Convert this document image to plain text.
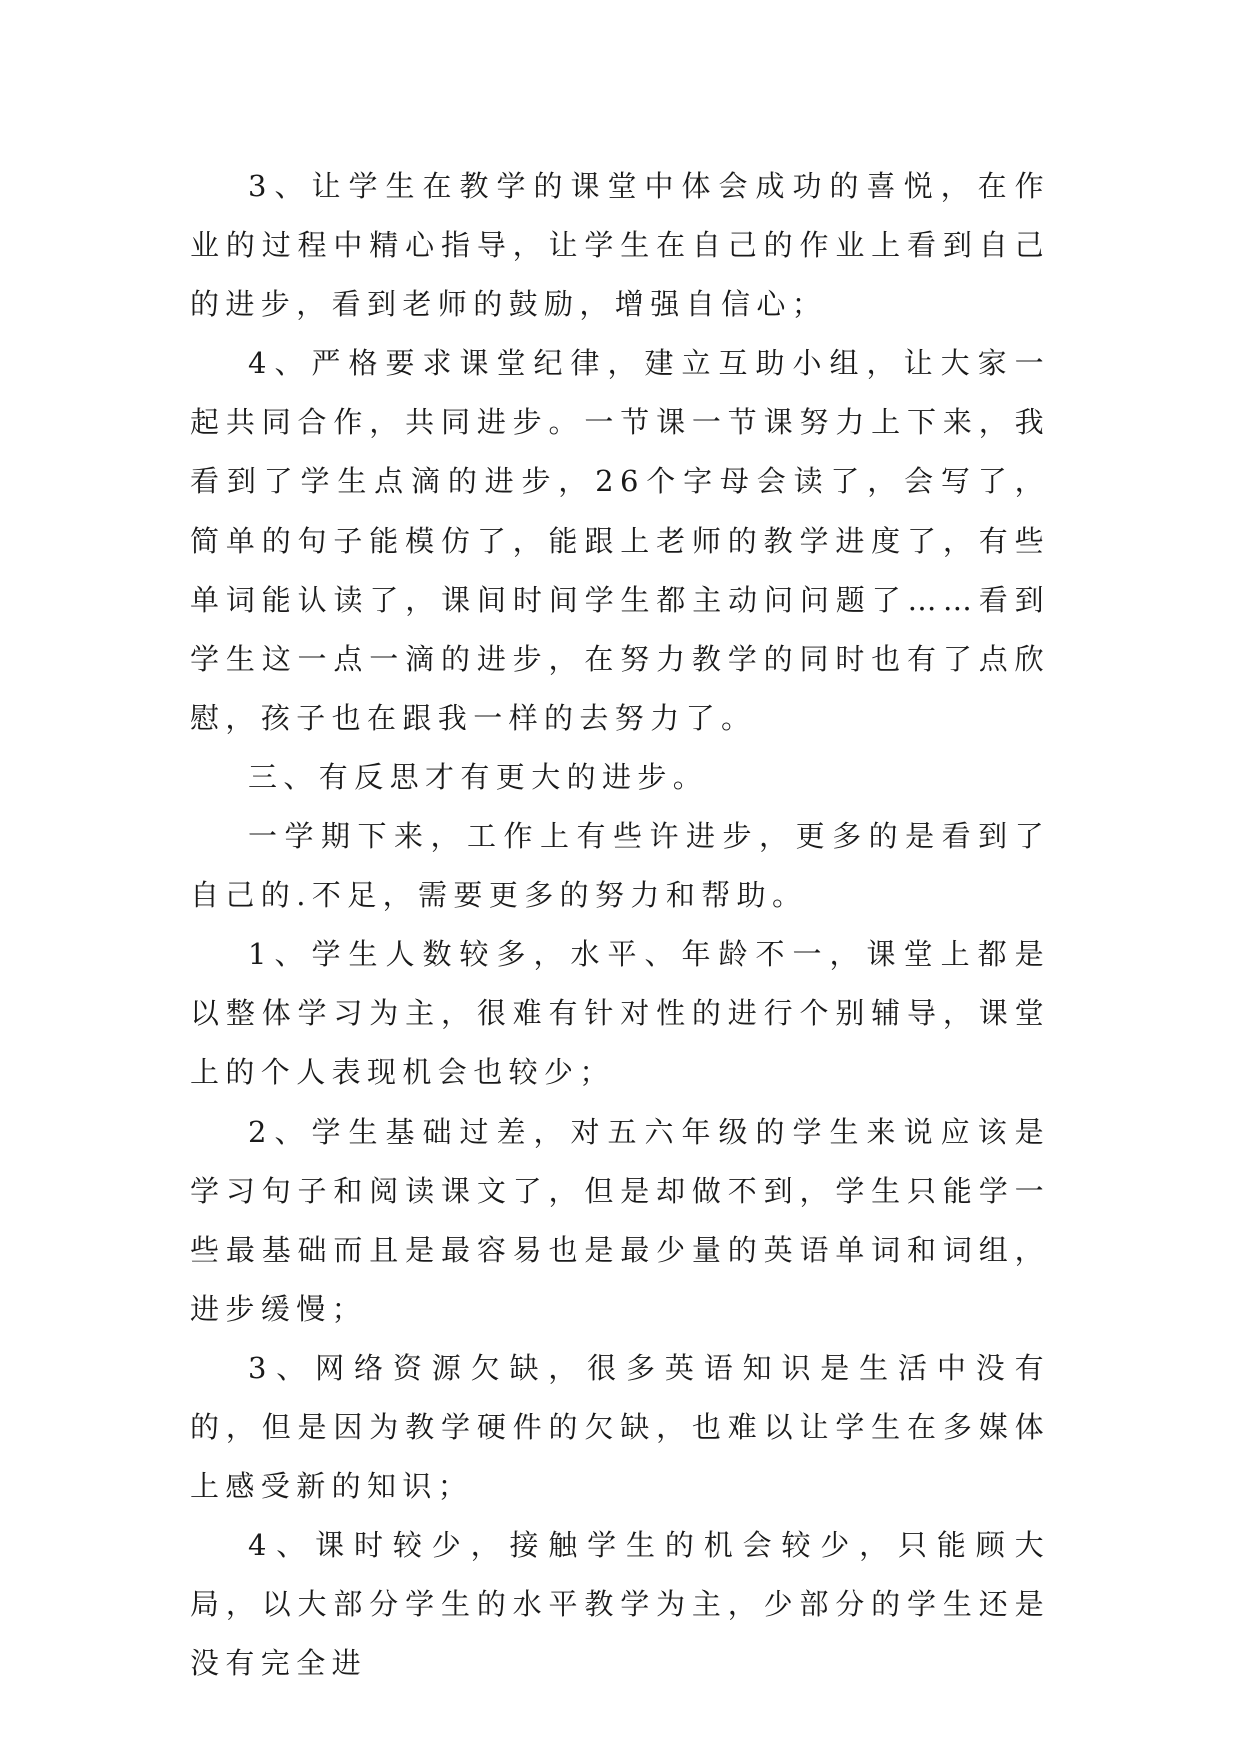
3、让学生在教学的课堂中体会成功的喜悦，在作业的过程中精心指导，让学生在自己的作业上看到自己的进步，看到老师的鼓励，增强自信心；

4、严格要求课堂纪律，建立互助小组，让大家一起共同合作，共同进步。一节课一节课努力上下来，我看到了学生点滴的进步，26个字母会读了，会写了，简单的句子能模仿了，能跟上老师的教学进度了，有些单词能认读了，课间时间学生都主动问问题了……看到学生这一点一滴的进步，在努力教学的同时也有了点欣慰，孩子也在跟我一样的去努力了。

三、有反思才有更大的进步。

一学期下来，工作上有些许进步，更多的是看到了自己的.不足，需要更多的努力和帮助。

1、学生人数较多，水平、年龄不一，课堂上都是以整体学习为主，很难有针对性的进行个别辅导，课堂上的个人表现机会也较少；

2、学生基础过差，对五六年级的学生来说应该是学习句子和阅读课文了，但是却做不到，学生只能学一些最基础而且是最容易也是最少量的英语单词和词组，进步缓慢；

3、网络资源欠缺，很多英语知识是生活中没有的，但是因为教学硬件的欠缺，也难以让学生在多媒体上感受新的知识；

4、课时较少，接触学生的机会较少，只能顾大局，以大部分学生的水平教学为主，少部分的学生还是没有完全进
